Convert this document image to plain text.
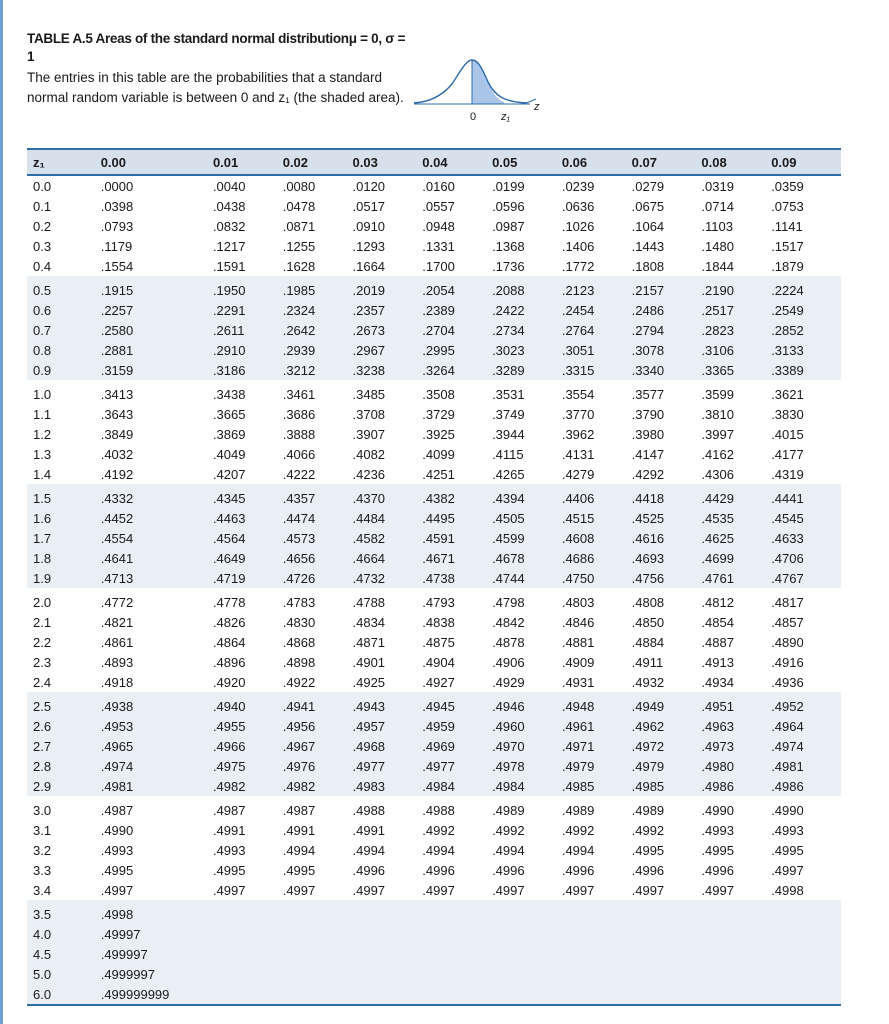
TABLE A.5 Areas of the standard normal distributionμ = 0, σ = 1
The entries in this table are the probabilities that a standard normal random variable is between 0 and z₁ (the shaded area).
0 z₁
z
z₁	0.00	0.01	0.02	0.03	0.04	0.05	0.06	0.07	0.08	0.09
0.0	.0000	.0040	.0080	.0120	.0160	.0199	.0239	.0279	.0319	.0359
0.1	.0398	.0438	.0478	.0517	.0557	.0596	.0636	.0675	.0714	.0753
0.2	.0793	.0832	.0871	.0910	.0948	.0987	.1026	.1064	.1103	.1141
0.3	.1179	.1217	.1255	.1293	.1331	.1368	.1406	.1443	.1480	.1517
0.4	.1554	.1591	.1628	.1664	.1700	.1736	.1772	.1808	.1844	.1879
0.5	.1915	.1950	.1985	.2019	.2054	.2088	.2123	.2157	.2190	.2224
0.6	.2257	.2291	.2324	.2357	.2389	.2422	.2454	.2486	.2517	.2549
0.7	.2580	.2611	.2642	.2673	.2704	.2734	.2764	.2794	.2823	.2852
0.8	.2881	.2910	.2939	.2967	.2995	.3023	.3051	.3078	.3106	.3133
0.9	.3159	.3186	.3212	.3238	.3264	.3289	.3315	.3340	.3365	.3389
1.0	.3413	.3438	.3461	.3485	.3508	.3531	.3554	.3577	.3599	.3621
1.1	.3643	.3665	.3686	.3708	.3729	.3749	.3770	.3790	.3810	.3830
1.2	.3849	.3869	.3888	.3907	.3925	.3944	.3962	.3980	.3997	.4015
1.3	.4032	.4049	.4066	.4082	.4099	.4115	.4131	.4147	.4162	.4177
1.4	.4192	.4207	.4222	.4236	.4251	.4265	.4279	.4292	.4306	.4319
1.5	.4332	.4345	.4357	.4370	.4382	.4394	.4406	.4418	.4429	.4441
1.6	.4452	.4463	.4474	.4484	.4495	.4505	.4515	.4525	.4535	.4545
1.7	.4554	.4564	.4573	.4582	.4591	.4599	.4608	.4616	.4625	.4633
1.8	.4641	.4649	.4656	.4664	.4671	.4678	.4686	.4693	.4699	.4706
1.9	.4713	.4719	.4726	.4732	.4738	.4744	.4750	.4756	.4761	.4767
2.0	.4772	.4778	.4783	.4788	.4793	.4798	.4803	.4808	.4812	.4817
2.1	.4821	.4826	.4830	.4834	.4838	.4842	.4846	.4850	.4854	.4857
2.2	.4861	.4864	.4868	.4871	.4875	.4878	.4881	.4884	.4887	.4890
2.3	.4893	.4896	.4898	.4901	.4904	.4906	.4909	.4911	.4913	.4916
2.4	.4918	.4920	.4922	.4925	.4927	.4929	.4931	.4932	.4934	.4936
2.5	.4938	.4940	.4941	.4943	.4945	.4946	.4948	.4949	.4951	.4952
2.6	.4953	.4955	.4956	.4957	.4959	.4960	.4961	.4962	.4963	.4964
2.7	.4965	.4966	.4967	.4968	.4969	.4970	.4971	.4972	.4973	.4974
2.8	.4974	.4975	.4976	.4977	.4977	.4978	.4979	.4979	.4980	.4981
2.9	.4981	.4982	.4982	.4983	.4984	.4984	.4985	.4985	.4986	.4986
3.0	.4987	.4987	.4987	.4988	.4988	.4989	.4989	.4989	.4990	.4990
3.1	.4990	.4991	.4991	.4991	.4992	.4992	.4992	.4992	.4993	.4993
3.2	.4993	.4993	.4994	.4994	.4994	.4994	.4994	.4995	.4995	.4995
3.3	.4995	.4995	.4995	.4996	.4996	.4996	.4996	.4996	.4996	.4997
3.4	.4997	.4997	.4997	.4997	.4997	.4997	.4997	.4997	.4997	.4998
3.5	.4998									
4.0	.49997									
4.5	.499997									
5.0	.4999997									
6.0	.499999999									
